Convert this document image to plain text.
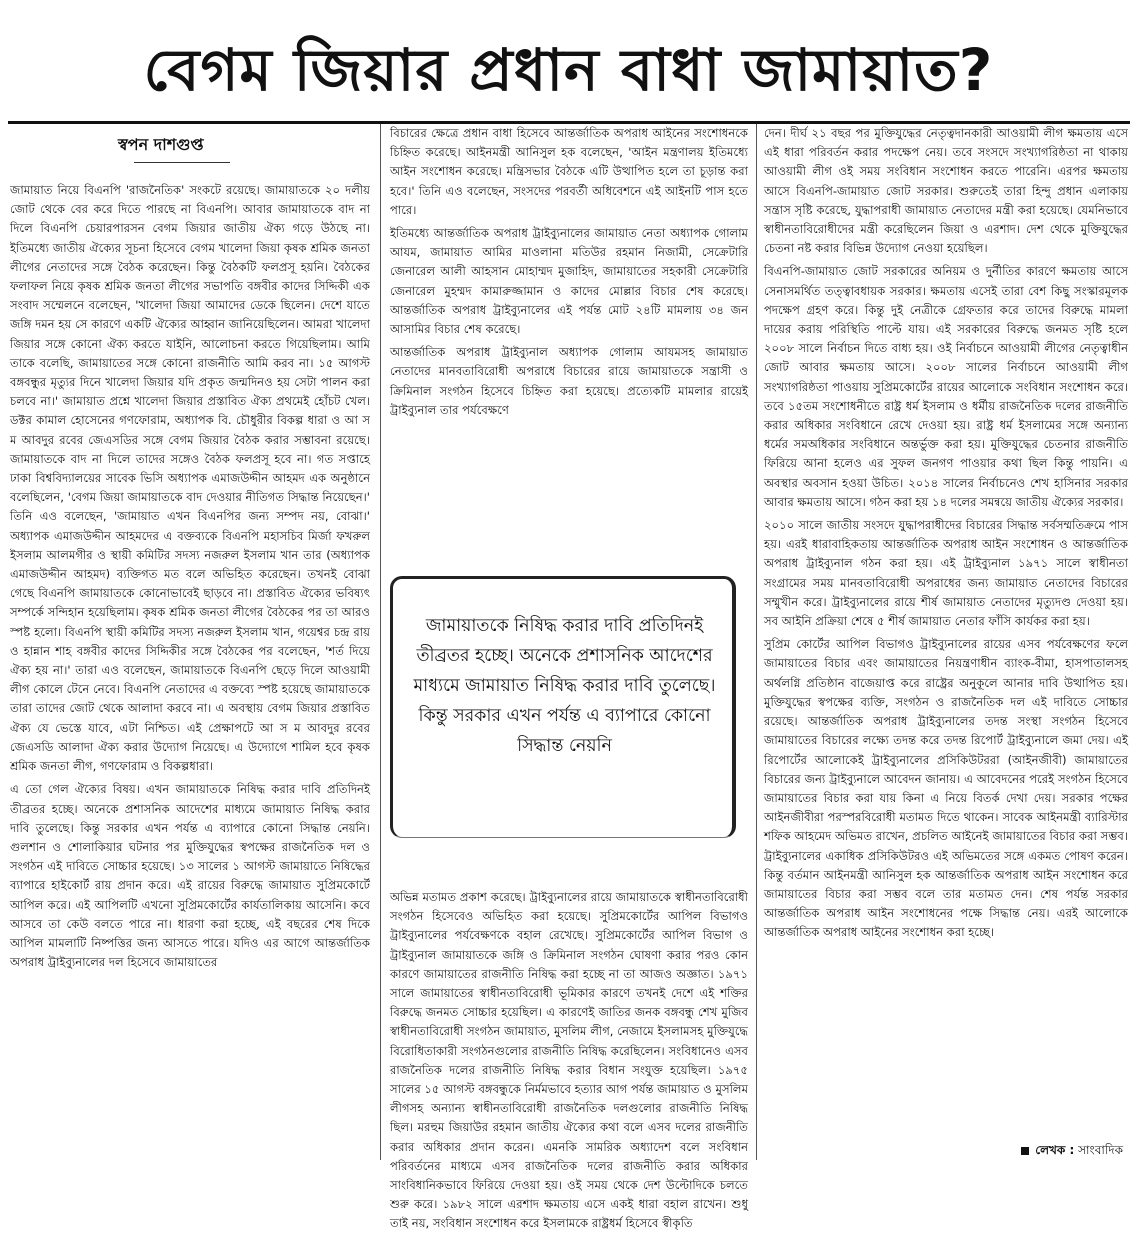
বেগম জিয়ার প্রধান বাধা জামায়াত?

স্বপন দাশগুপ্ত

জামায়াত নিয়ে বিএনপি 'রাজনৈতিক' সংকটে রয়েছে। জামায়াতকে ২০ দলীয় জোট থেকে বের করে দিতে পারছে না বিএনপি। আবার জামায়াতকে বাদ না দিলে বিএনপি চেয়ারপারসন বেগম জিয়ার জাতীয় ঐক্য গড়ে উঠছে না। ইতিমধ্যে জাতীয় ঐক্যের সূচনা হিসেবে বেগম খালেদা জিয়া কৃষক শ্রমিক জনতা লীগের নেতাদের সঙ্গে বৈঠক করেছেন। কিন্তু বৈঠকটি ফলপ্রসূ হয়নি। বৈঠকের ফলাফল নিয়ে কৃষক শ্রমিক জনতা লীগের সভাপতি বঙ্গবীর কাদের সিদ্দিকী এক সংবাদ সম্মেলনে বলেছেন, 'খালেদা জিয়া আমাদের ডেকে ছিলেন। দেশে যাতে জঙ্গি দমন হয় সে কারণে একটি ঐক্যের আহ্বান জানিয়েছিলেন। আমরা খালেদা জিয়ার সঙ্গে কোনো ঐক্য করতে যাইনি, আলোচনা করতে গিয়েছিলাম। আমি তাকে বলেছি, জামায়াতের সঙ্গে কোনো রাজনীতি আমি করব না। ১৫ আগস্ট বঙ্গবন্ধুর মৃত্যুর দিনে খালেদা জিয়ার যদি প্রকৃত জন্মদিনও হয় সেটা পালন করা চলবে না।' জামায়াত প্রশ্নে খালেদা জিয়ার প্রস্তাবিত ঐক্য প্রথমেই হোঁচট খেল। ডক্টর কামাল হোসেনের গণফোরাম, অধ্যাপক বি. চৌধুরীর বিকল্প ধারা ও আ স ম আবদুর রবের জেএসডির সঙ্গে বেগম জিয়ার বৈঠক করার সম্ভাবনা রয়েছে। জামায়াতকে বাদ না দিলে তাদের সঙ্গেও বৈঠক ফলপ্রসূ হবে না। গত সপ্তাহে ঢাকা বিশ্ববিদ্যালয়ের সাবেক ভিসি অধ্যাপক এমাজউদ্দীন আহমদ এক অনুষ্ঠানে বলেছিলেন, 'বেগম জিয়া জামায়াতকে বাদ দেওয়ার নীতিগত সিদ্ধান্ত নিয়েছেন।' তিনি এও বলেছেন, 'জামায়াত এখন বিএনপির জন্য সম্পদ নয়, বোঝা।' অধ্যাপক এমাজউদ্দীন আহমদের এ বক্তব্যকে বিএনপি মহাসচিব মির্জা ফখরুল ইসলাম আলমগীর ও স্থায়ী কমিটির সদস্য নজরুল ইসলাম খান তার (অধ্যাপক এমাজউদ্দীন আহমদ) ব্যক্তিগত মত বলে অভিহিত করেছেন। তখনই বোঝা গেছে বিএনপি জামায়াতকে কোনোভাবেই ছাড়বে না। প্রস্তাবিত ঐক্যের ভবিষ্যৎ সম্পর্কে সন্দিহান হয়েছিলাম। কৃষক শ্রমিক জনতা লীগের বৈঠকের পর তা আরও স্পষ্ট হলো। বিএনপি স্থায়ী কমিটির সদস্য নজরুল ইসলাম খান, গয়েশ্বর চন্দ্র রায় ও হান্নান শাহ বঙ্গবীর কাদের সিদ্দিকীর সঙ্গে বৈঠকের পর বলেছেন, 'শর্ত দিয়ে ঐক্য হয় না।' তারা এও বলেছেন, জামায়াতকে বিএনপি ছেড়ে দিলে আওয়ামী লীগ কোলে টেনে নেবে। বিএনপি নেতাদের এ বক্তব্যে স্পষ্ট হয়েছে জামায়াতকে তারা তাদের জোট থেকে আলাদা করবে না। এ অবস্থায় বেগম জিয়ার প্রস্তাবিত ঐক্য যে ভেস্তে যাবে, এটা নিশ্চিত। এই প্রেক্ষাপটে আ স ম আবদুর রবের জেএসডি আলাদা ঐক্য করার উদ্যোগ নিয়েছে। এ উদ্যোগে শামিল হবে কৃষক শ্রমিক জনতা লীগ, গণফোরাম ও বিকল্পধারা।

এ তো গেল ঐক্যের বিষয়। এখন জামায়াতকে নিষিদ্ধ করার দাবি প্রতিদিনই তীব্রতর হচ্ছে। অনেকে প্রশাসনিক আদেশের মাধ্যমে জামায়াত নিষিদ্ধ করার দাবি তুলেছে। কিন্তু সরকার এখন পর্যন্ত এ ব্যাপারে কোনো সিদ্ধান্ত নেয়নি। গুলশান ও শোলাকিয়ার ঘটনার পর মুক্তিযুদ্ধের স্বপক্ষের রাজনৈতিক দল ও সংগঠন এই দাবিতে সোচ্চার হয়েছে। ১৩ সালের ১ আগস্ট জামায়াতে নিষিদ্ধের ব্যাপারে হাইকোর্ট রায় প্রদান করে। এই রায়ের বিরুদ্ধে জামায়াত সুপ্রিমকোর্টে আপিল করে। এই আপিলটি এখনো সুপ্রিমকোর্টের কার্যতালিকায় আসেনি। কবে আসবে তা কেউ বলতে পারে না। ধারণা করা হচ্ছে, এই বছরের শেষ দিকে আপিল মামলাটি নিষ্পত্তির জন্য আসতে পারে। যদিও এর আগে আন্তর্জাতিক অপরাধ ট্রাইব্যুনালের দল হিসেবে জামায়াতের

বিচারের ক্ষেত্রে প্রধান বাধা হিসেবে আন্তর্জাতিক অপরাধ আইনের সংশোধনকে চিহ্নিত করেছে। আইনমন্ত্রী আনিসুল হক বলেছেন, 'আইন মন্ত্রণালয় ইতিমধ্যে আইন সংশোধন করেছে। মন্ত্রিসভার বৈঠকে এটি উত্থাপিত হলে তা চূড়ান্ত করা হবে।' তিনি এও বলেছেন, সংসদের পরবর্তী অধিবেশনে এই আইনটি পাস হতে পারে।

ইতিমধ্যে আন্তর্জাতিক অপরাধ ট্রাইব্যুনালের জামায়াত নেতা অধ্যাপক গোলাম আযম, জামায়াত আমির মাওলানা মতিউর রহমান নিজামী, সেক্রেটারি জেনারেল আলী আহসান মোহাম্মদ মুজাহিদ, জামায়াতের সহকারী সেক্রেটারি জেনারেল মুহম্মদ কামারুজ্জামান ও কাদের মোল্লার বিচার শেষ করেছে। আন্তর্জাতিক অপরাধ ট্রাইব্যুনালের এই পর্যন্ত মোট ২৪টি মামলায় ৩৪ জন আসামির বিচার শেষ করেছে।

আন্তর্জাতিক অপরাধ ট্রাইব্যুনাল অধ্যাপক গোলাম আযমসহ জামায়াত নেতাদের মানবতাবিরোধী অপরাধে বিচারের রায়ে জামায়াতকে সন্ত্রাসী ও ক্রিমিনাল সংগঠন হিসেবে চিহ্নিত করা হয়েছে। প্রত্যেকটি মামলার রায়েই ট্রাইব্যুনাল তার পর্যবেক্ষণে

জামায়াতকে নিষিদ্ধ করার দাবি প্রতিদিনই তীব্রতর হচ্ছে। অনেকে প্রশাসনিক আদেশের মাধ্যমে জামায়াত নিষিদ্ধ করার দাবি তুলেছে। কিন্তু সরকার এখন পর্যন্ত এ ব্যাপারে কোনো সিদ্ধান্ত নেয়নি

অভিন্ন মতামত প্রকাশ করেছে। ট্রাইব্যুনালের রায়ে জামায়াতকে স্বাধীনতাবিরোধী সংগঠন হিসেবেও অভিহিত করা হয়েছে। সুপ্রিমকোর্টের আপিল বিভাগও ট্রাইব্যুনালের পর্যবেক্ষণকে বহাল রেখেছে। সুপ্রিমকোর্টের আপিল বিভাগ ও ট্রাইব্যুনাল জামায়াতকে জঙ্গি ও ক্রিমিনাল সংগঠন ঘোষণা করার পরও কোন কারণে জামায়াতের রাজনীতি নিষিদ্ধ করা হচ্ছে না তা আজও অজ্ঞাত। ১৯৭১ সালে জামায়াতের স্বাধীনতাবিরোধী ভূমিকার কারণে তখনই দেশে এই শক্তির বিরুদ্ধে জনমত সোচ্চার হয়েছিল। এ কারণেই জাতির জনক বঙ্গবন্ধু শেখ মুজিব স্বাধীনতাবিরোধী সংগঠন জামায়াত, মুসলিম লীগ, নেজামে ইসলামসহ মুক্তিযুদ্ধে বিরোধিতাকারী সংগঠনগুলোর রাজনীতি নিষিদ্ধ করেছিলেন। সংবিধানেও এসব রাজনৈতিক দলের রাজনীতি নিষিদ্ধ করার বিধান সংযুক্ত হয়েছিল। ১৯৭৫ সালের ১৫ আগস্ট বঙ্গবন্ধুকে নির্মমভাবে হত্যার আগ পর্যন্ত জামায়াত ও মুসলিম লীগসহ অন্যান্য স্বাধীনতাবিরোধী রাজনৈতিক দলগুলোর রাজনীতি নিষিদ্ধ ছিল। মরহুম জিয়াউর রহমান জাতীয় ঐক্যের কথা বলে এসব দলের রাজনীতি করার অধিকার প্রদান করেন। এমনকি সামরিক অধ্যাদেশ বলে সংবিধান পরিবর্তনের মাধ্যমে এসব রাজনৈতিক দলের রাজনীতি করার অধিকার সাংবিধানিকভাবে ফিরিয়ে দেওয়া হয়। ওই সময় থেকে দেশ উল্টোদিকে চলতে শুরু করে। ১৯৮২ সালে এরশাদ ক্ষমতায় এসে একই ধারা বহাল রাখেন। শুধু তাই নয়, সংবিধান সংশোধন করে ইসলামকে রাষ্ট্রধর্ম হিসেবে স্বীকৃতি

দেন। দীর্ঘ ২১ বছর পর মুক্তিযুদ্ধের নেতৃত্বদানকারী আওয়ামী লীগ ক্ষমতায় এসে এই ধারা পরিবর্তন করার পদক্ষেপ নেয়। তবে সংসদে সংখ্যাগরিষ্ঠতা না থাকায় আওয়ামী লীগ ওই সময় সংবিধান সংশোধন করতে পারেনি। এরপর ক্ষমতায় আসে বিএনপি-জামায়াত জোট সরকার। শুরুতেই তারা হিন্দু প্রধান এলাকায় সন্ত্রাস সৃষ্টি করেছে, যুদ্ধাপরাধী জামায়াত নেতাদের মন্ত্রী করা হয়েছে। যেমনিভাবে স্বাধীনতাবিরোধীদের মন্ত্রী করেছিলেন জিয়া ও এরশাদ। দেশ থেকে মুক্তিযুদ্ধের চেতনা নষ্ট করার বিভিন্ন উদ্যোগ নেওয়া হয়েছিল।

বিএনপি-জামায়াত জোট সরকারের অনিয়ম ও দুর্নীতির কারণে ক্ষমতায় আসে সেনাসমর্থিত তত্ত্বাবধায়ক সরকার। ক্ষমতায় এসেই তারা বেশ কিছু সংস্কারমূলক পদক্ষেপ গ্রহণ করে। কিন্তু দুই নেত্রীকে গ্রেফতার করে তাদের বিরুদ্ধে মামলা দায়ের করায় পরিস্থিতি পাল্টে যায়। এই সরকারের বিরুদ্ধে জনমত সৃষ্টি হলে ২০০৮ সালে নির্বাচন দিতে বাধ্য হয়। ওই নির্বাচনে আওয়ামী লীগের নেতৃত্বাধীন জোট আবার ক্ষমতায় আসে। ২০০৮ সালের নির্বাচনে আওয়ামী লীগ সংখ্যাগরিষ্ঠতা পাওয়ায় সুপ্রিমকোর্টের রায়ের আলোকে সংবিধান সংশোধন করে। তবে ১৫তম সংশোধনীতে রাষ্ট্র ধর্ম ইসলাম ও ধর্মীয় রাজনৈতিক দলের রাজনীতি করার অধিকার সংবিধানে রেখে দেওয়া হয়। রাষ্ট্র ধর্ম ইসলামের সঙ্গে অন্যান্য ধর্মের সমঅধিকার সংবিধানে অন্তর্ভুক্ত করা হয়। মুক্তিযুদ্ধের চেতনার রাজনীতি ফিরিয়ে আনা হলেও এর সুফল জনগণ পাওয়ার কথা ছিল কিন্তু পায়নি। এ অবস্থার অবসান হওয়া উচিত। ২০১৪ সালের নির্বাচনেও শেখ হাসিনার সরকার আবার ক্ষমতায় আসে। গঠন করা হয় ১৪ দলের সমন্বয়ে জাতীয় ঐক্যের সরকার।

২০১০ সালে জাতীয় সংসদে যুদ্ধাপরাধীদের বিচারের সিদ্ধান্ত সর্বসম্মতিক্রমে পাস হয়। এরই ধারাবাহিকতায় আন্তর্জাতিক অপরাধ আইন সংশোধন ও আন্তর্জাতিক অপরাধ ট্রাইব্যুনাল গঠন করা হয়। এই ট্রাইব্যুনাল ১৯৭১ সালে স্বাধীনতা সংগ্রামের সময় মানবতাবিরোধী অপরাধের জন্য জামায়াত নেতাদের বিচারের সম্মুখীন করে। ট্রাইব্যুনালের রায়ে শীর্ষ জামায়াত নেতাদের মৃত্যুদণ্ড দেওয়া হয়। সব আইনি প্রক্রিয়া শেষে ৫ শীর্ষ জামায়াত নেতার ফাঁসি কার্যকর করা হয়।

সুপ্রিম কোর্টের আপিল বিভাগও ট্রাইব্যুনালের রায়ের এসব পর্যবেক্ষণের ফলে জামায়াতের বিচার এবং জামায়াতের নিয়ন্ত্রণাধীন ব্যাংক-বীমা, হাসপাতালসহ অর্থলগ্নি প্রতিষ্ঠান বাজেয়াপ্ত করে রাষ্ট্রের অনুকূলে আনার দাবি উত্থাপিত হয়। মুক্তিযুদ্ধের স্বপক্ষের ব্যক্তি, সংগঠন ও রাজনৈতিক দল এই দাবিতে সোচ্চার রয়েছে। আন্তর্জাতিক অপরাধ ট্রাইব্যুনালের তদন্ত সংস্থা সংগঠন হিসেবে জামায়াতের বিচারের লক্ষ্যে তদন্ত করে তদন্ত রিপোর্ট ট্রাইব্যুনালে জমা দেয়। এই রিপোর্টের আলোকেই ট্রাইব্যুনালের প্রসিকিউটররা (আইনজীবী) জামায়াতের বিচারের জন্য ট্রাইব্যুনালে আবেদন জানায়। এ আবেদনের পরেই সংগঠন হিসেবে জামায়াতের বিচার করা যায় কিনা এ নিয়ে বিতর্ক দেখা দেয়। সরকার পক্ষের আইনজীবীরা পরস্পরবিরোধী মতামত দিতে থাকেন। সাবেক আইনমন্ত্রী ব্যারিস্টার শফিক আহমেদ অভিমত রাখেন, প্রচলিত আইনেই জামায়াতের বিচার করা সম্ভব। ট্রাইব্যুনালের একাধিক প্রসিকিউটরও এই অভিমতের সঙ্গে একমত পোষণ করেন। কিন্তু বর্তমান আইনমন্ত্রী আনিসুল হক আন্তর্জাতিক অপরাধ আইন সংশোধন করে জামায়াতের বিচার করা সম্ভব বলে তার মতামত দেন। শেষ পর্যন্ত সরকার আন্তর্জাতিক অপরাধ আইন সংশোধনের পক্ষে সিদ্ধান্ত নেয়। এরই আলোকে আন্তর্জাতিক অপরাধ আইনের সংশোধন করা হচ্ছে।

লেখক : সাংবাদিক
